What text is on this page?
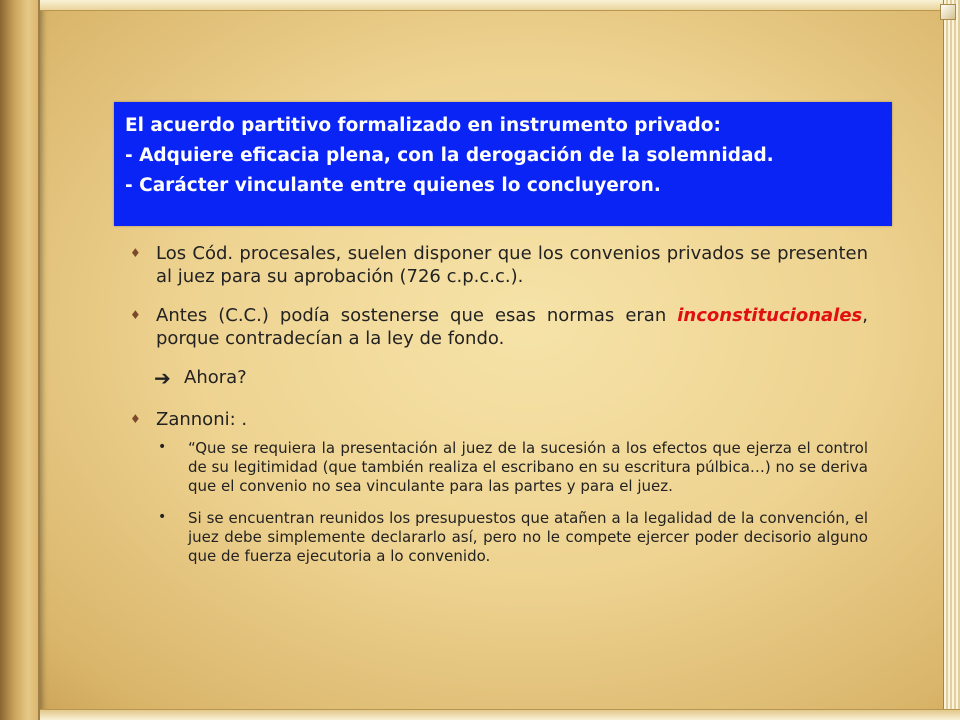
El acuerdo partitivo formalizado en instrumento privado:
- Adquiere eficacia plena, con la derogación de la solemnidad.
- Carácter vinculante entre quienes lo concluyeron.
♦ Los Cód. procesales, suelen disponer que los convenios privados se presenten al juez para su aprobación (726 c.p.c.c.).
♦ Antes (C.C.) podía sostenerse que esas normas eran inconstitucionales, porque contradecían a la ley de fondo.
➔ Ahora?
♦ Zannoni: .
• “Que se requiera la presentación al juez de la sucesión a los efectos que ejerza el control de su legitimidad (que también realiza el escribano en su escritura púlbica…) no se deriva que el convenio no sea vinculante para las partes y para el juez.
• Si se encuentran reunidos los presupuestos que atañen a la legalidad de la convención, el juez debe simplemente declararlo así, pero no le compete ejercer poder decisorio alguno que de fuerza ejecutoria a lo convenido.
